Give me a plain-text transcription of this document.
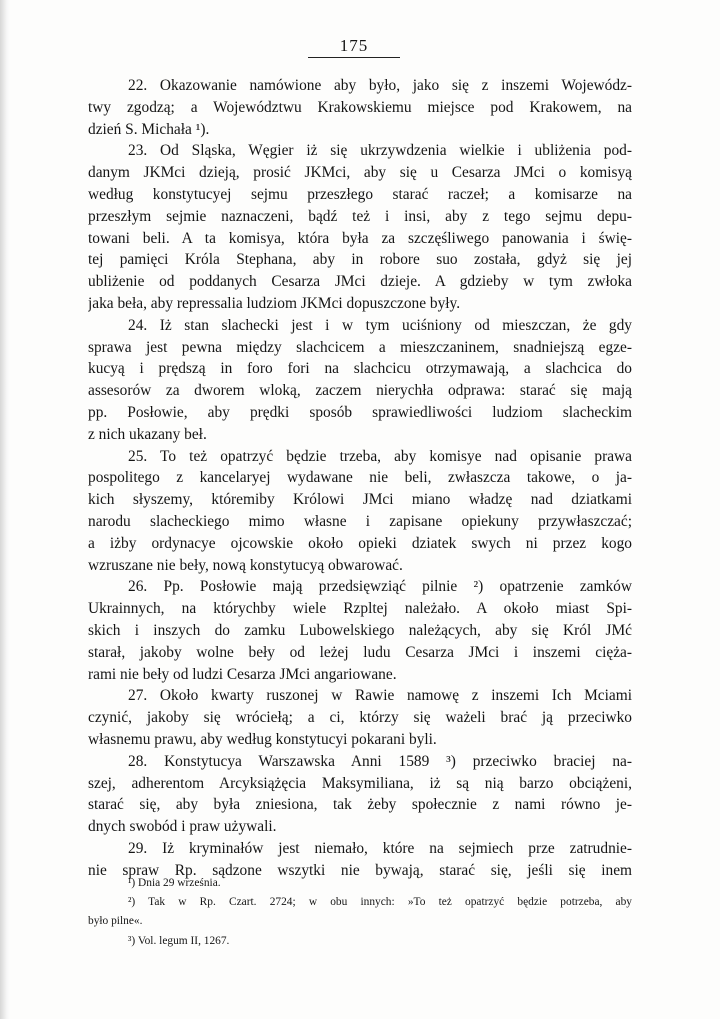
175
22. Okazowanie namówione aby było, jako się z inszemi Wojewódz-
twy zgodzą; a Województwu Krakowskiemu miejsce pod Krakowem, na
dzień S. Michała ¹).
23. Od Sląska, Węgier iż się ukrzywdzenia wielkie i ubliżenia pod-
danym JKMci dzieją, prosić JKMci, aby się u Cesarza JMci o komisyą
według konstytucyej sejmu przeszłego starać raczeł; a komisarze na
przeszłym sejmie naznaczeni, bądź też i insi, aby z tego sejmu depu-
towani beli. A ta komisya, która była za szczęśliwego panowania i świę-
tej pamięci Króla Stephana, aby in robore suo została, gdyż się jej
ubliżenie od poddanych Cesarza JMci dzieje. A gdzieby w tym zwłoka
jaka beła, aby repressalia ludziom JKMci dopuszczone były.
24. Iż stan slachecki jest i w tym uciśniony od mieszczan, że gdy
sprawa jest pewna między slachcicem a mieszczaninem, snadniejszą egze-
kucyą i prędszą in foro fori na slachcicu otrzymawają, a slachcica do
assesorów za dworem wloką, zaczem nierychła odprawa: starać się mają
pp. Posłowie, aby prędki sposób sprawiedliwości ludziom slacheckim
z nich ukazany beł.
25. To też opatrzyć będzie trzeba, aby komisye nad opisanie prawa
pospolitego z kancelaryej wydawane nie beli, zwłaszcza takowe, o ja-
kich słyszemy, któremiby Królowi JMci miano władzę nad dziatkami
narodu slacheckiego mimo własne i zapisane opiekuny przywłaszczać;
a iżby ordynacye ojcowskie około opieki dziatek swych ni przez kogo
wzruszane nie beły, nową konstytucyą obwarować.
26. Pp. Posłowie mają przedsięwziąć pilnie ²) opatrzenie zamków
Ukrainnych, na którychby wiele Rzpltej należało. A około miast Spi-
skich i inszych do zamku Lubowelskiego należących, aby się Król JMć
starał, jakoby wolne beły od leżej ludu Cesarza JMci i inszemi cięża-
rami nie beły od ludzi Cesarza JMci angariowane.
27. Około kwarty ruszonej w Rawie namowę z inszemi Ich Mciami
czynić, jakoby się wróciełą; a ci, którzy się ważeli brać ją przeciwko
własnemu prawu, aby według konstytucyi pokarani byli.
28. Konstytucya Warszawska Anni 1589 ³) przeciwko braciej na-
szej, adherentom Arcyksiążęcia Maksymiliana, iż są nią barzo obciążeni,
starać się, aby była zniesiona, tak żeby społecznie z nami równo je-
dnych swobód i praw używali.
29. Iż kryminałów jest niemało, które na sejmiech prze zatrudnie-
nie spraw Rp. sądzone wszytki nie bywają, starać się, jeśli się inem
¹) Dnia 29 września.
²) Tak w Rp. Czart. 2724; w obu innych: »To też opatrzyć będzie potrzeba, aby
było pilne«.
³) Vol. legum II, 1267.
